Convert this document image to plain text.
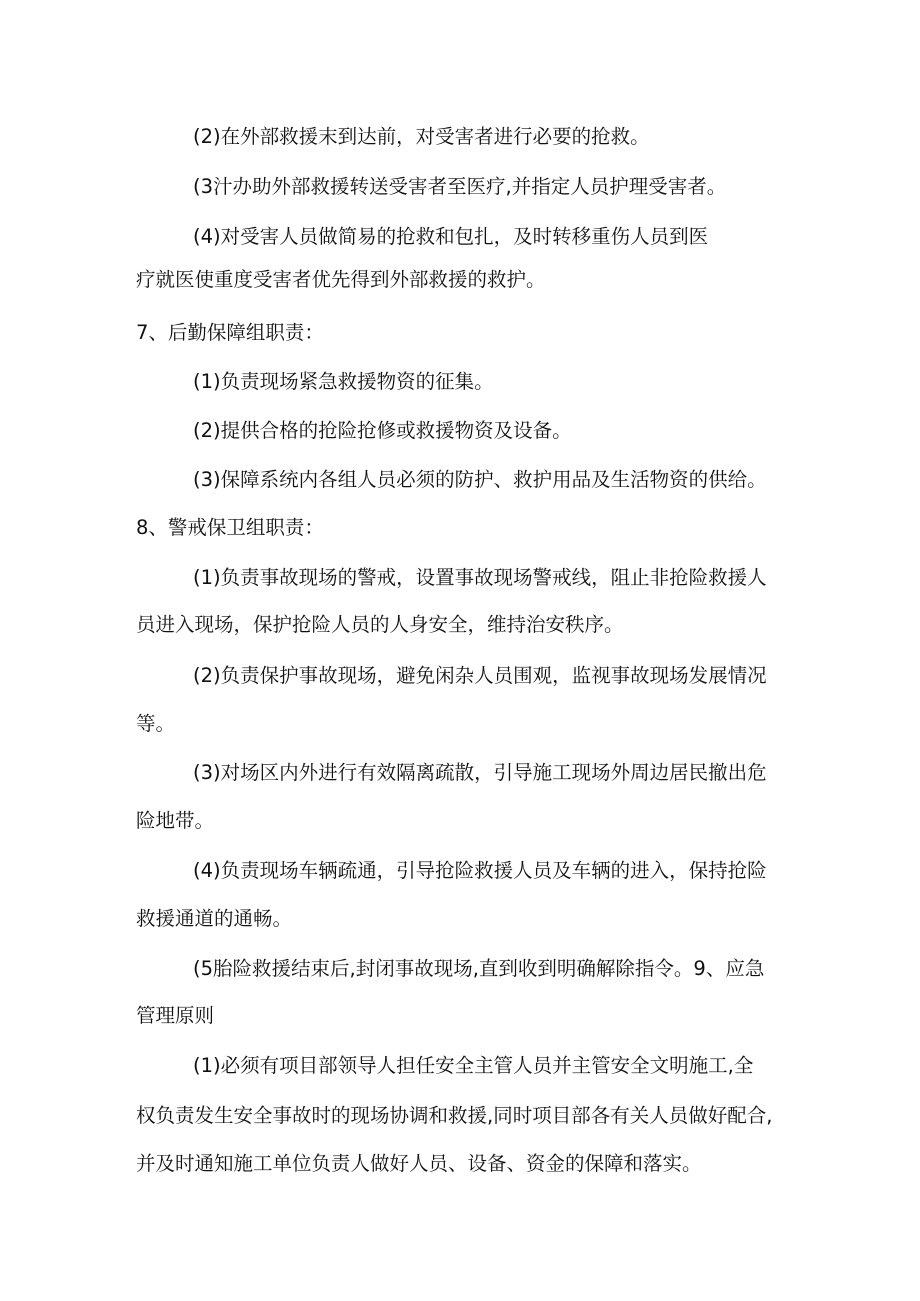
(2)在外部救援末到达前，对受害者进行必要的抢救。
(3汁办助外部救援转送受害者至医疗,并指定人员护理受害者。
(4)对受害人员做简易的抢救和包扎，及时转移重伤人员到医
疗就医使重度受害者优先得到外部救援的救护。
7、后勤保障组职责：
(1)负责现场紧急救援物资的征集。
(2)提供合格的抢险抢修或救援物资及设备。
(3)保障系统内各组人员必须的防护、救护用品及生活物资的供给。
8、警戒保卫组职责：
(1)负责事故现场的警戒，设置事故现场警戒线，阻止非抢险救援人
员进入现场，保护抢险人员的人身安全，维持治安秩序。
(2)负责保护事故现场，避免闲杂人员围观，监视事故现场发展情况
等。
(3)对场区内外进行有效隔离疏散，引导施工现场外周边居民撤出危
险地带。
(4)负责现场车辆疏通，引导抢险救援人员及车辆的进入，保持抢险
救援通道的通畅。
(5胎险救援结束后,封闭事故现场,直到收到明确解除指令。9、应急
管理原则
(1)必须有项目部领导人担任安全主管人员并主管安全文明施工,全
权负责发生安全事故时的现场协调和救援,同时项目部各有关人员做好配合,
并及时通知施工单位负责人做好人员、设备、资金的保障和落实。
